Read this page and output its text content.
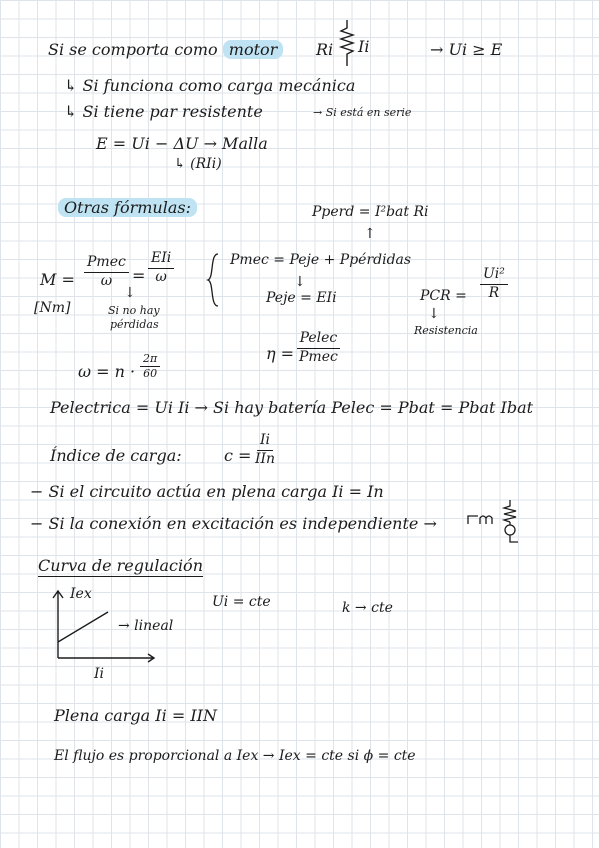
Si se comporta como motor	Ri Ii	→ Ui ≥ E
↳ Si funciona como carga mecánica
↳ Si tiene par resistente	→ Si está en serie
E = Ui − ΔU → Malla
↳ (RIi)
Otras fórmulas:	Pperd = I²bat Ri
↑
M =
[Nm]
Pmec
ω =
EIi
ω
↓
Si no hay
pérdidas
Pmec = Peje + Ppérdidas
↓
Peje = EIi	PCR = $\frac{\text{Ui²}}{R}$
↓
Resistencia
$\omega = n \cdot \frac{2\pi}{60}$	η =
Pelec
Pmec
Pelectrica = Ui Ii → Si hay batería Pelec = Pbat = Pbat Ibat
Índice de carga:	c =
Ii
IIn
− Si el circuito actúa en plena carga Ii = In
− Si la conexión en excitación es independiente →
Curva de regulación
Iex
Ii
→ lineal
Ui = cte	k → cte
Plena carga Ii = IIN
El flujo es proporcional a Iex → Iex = cte si ϕ = cte
